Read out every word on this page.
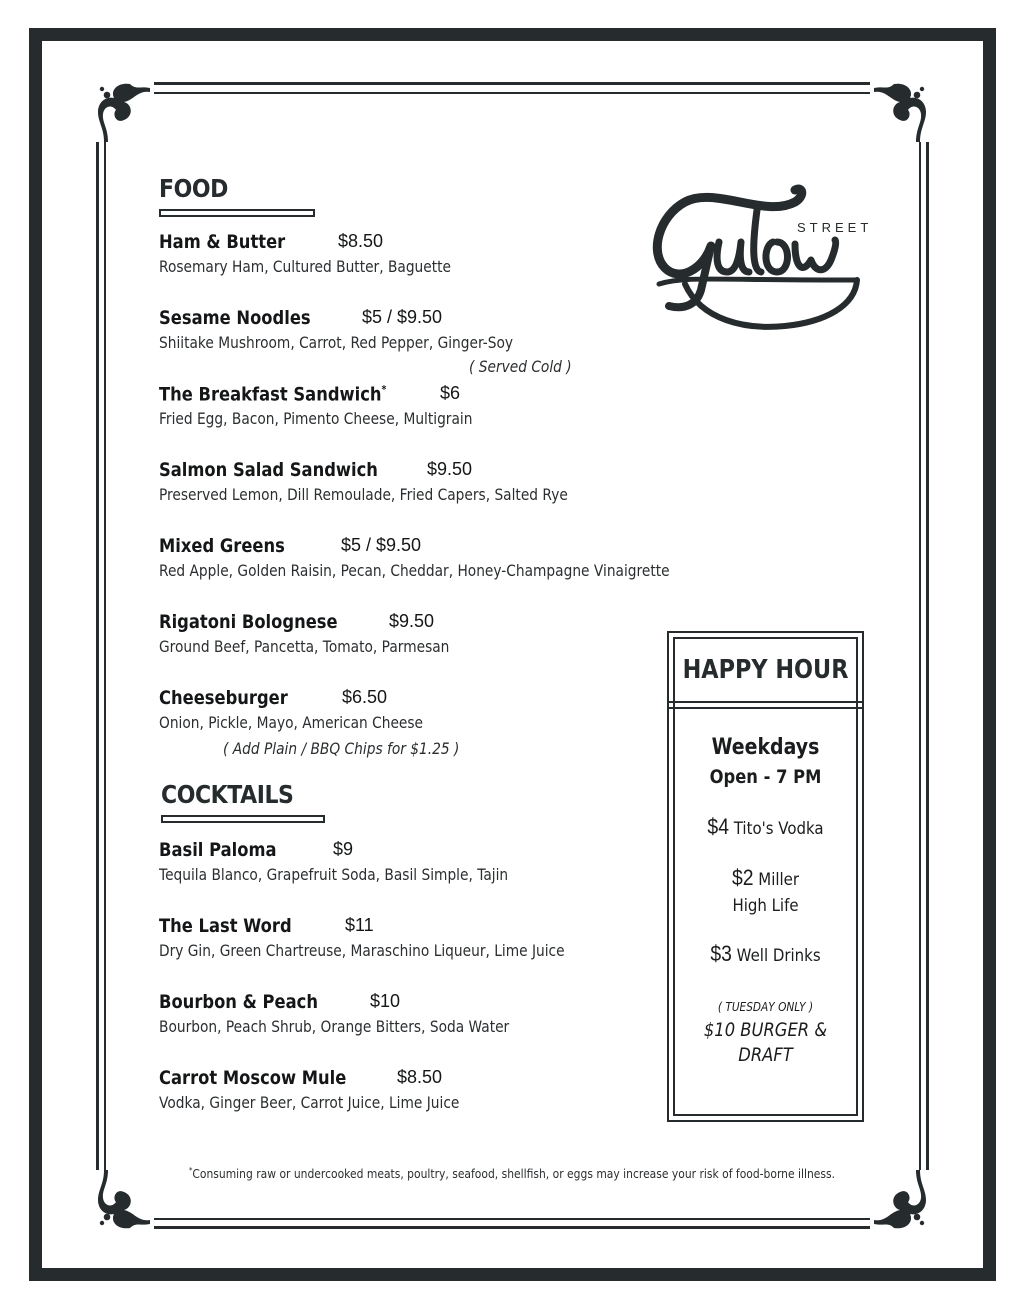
STREET
FOOD
Ham & Butter	$8.50
Rosemary Ham, Cultured Butter, Baguette
Sesame Noodles	$5 / $9.50
Shiitake Mushroom, Carrot, Red Pepper, Ginger-Soy
( Served Cold )
The Breakfast Sandwich*	$6
Fried Egg, Bacon, Pimento Cheese, Multigrain
Salmon Salad Sandwich	$9.50
Preserved Lemon, Dill Remoulade, Fried Capers, Salted Rye
Mixed Greens	$5 / $9.50
Red Apple, Golden Raisin, Pecan, Cheddar, Honey-Champagne Vinaigrette
Rigatoni Bolognese	$9.50
Ground Beef, Pancetta, Tomato, Parmesan
Cheeseburger	$6.50
Onion, Pickle, Mayo, American Cheese
( Add Plain / BBQ Chips for $1.25 )
COCKTAILS
Basil Paloma	$9
Tequila Blanco, Grapefruit Soda, Basil Simple, Tajin
The Last Word	$11
Dry Gin, Green Chartreuse, Maraschino Liqueur, Lime Juice
Bourbon & Peach	$10
Bourbon, Peach Shrub, Orange Bitters, Soda Water
Carrot Moscow Mule	$8.50
Vodka, Ginger Beer, Carrot Juice, Lime Juice
HAPPY HOUR
Weekdays
Open - 7 PM
$4 Tito's Vodka
$2 Miller
High Life
$3 Well Drinks
( TUESDAY ONLY )
$10 BURGER & DRAFT
*Consuming raw or undercooked meats, poultry, seafood, shellfish, or eggs may increase your risk of food-borne illness.
